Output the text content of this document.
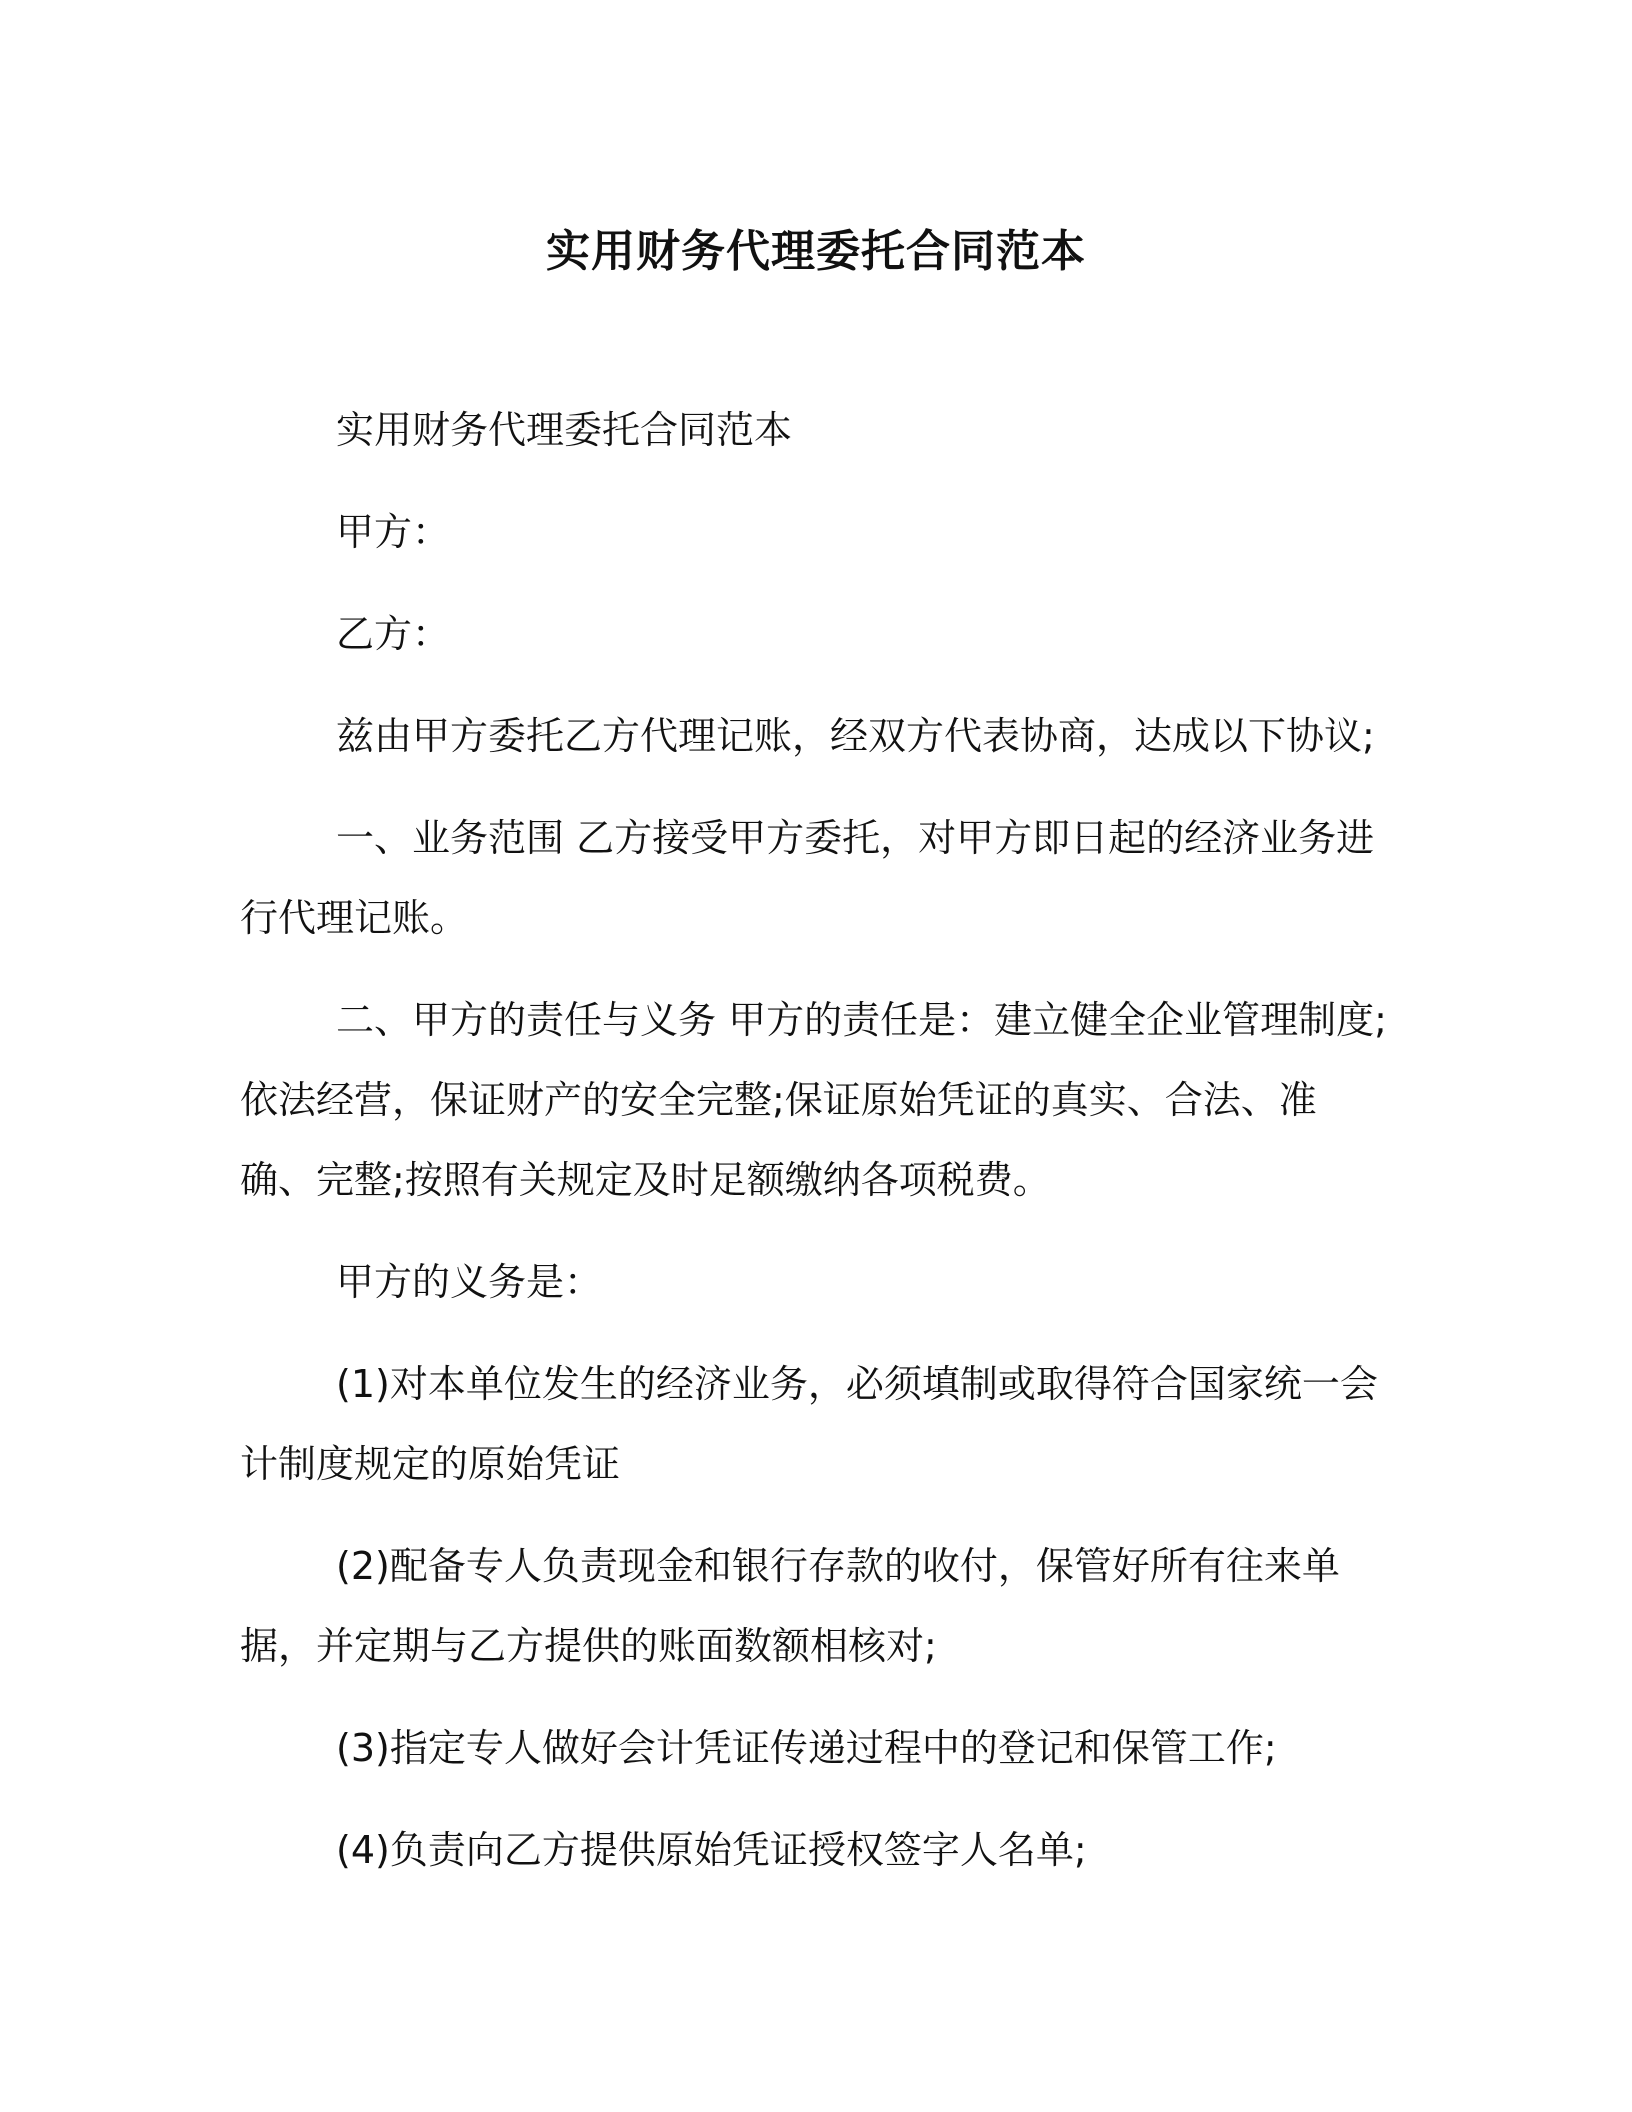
实用财务代理委托合同范本

实用财务代理委托合同范本

甲方：

乙方：

兹由甲方委托乙方代理记账，经双方代表协商，达成以下协议;

一、业务范围 乙方接受甲方委托，对甲方即日起的经济业务进行代理记账。

二、甲方的责任与义务 甲方的责任是：建立健全企业管理制度;依法经营，保证财产的安全完整;保证原始凭证的真实、合法、准确、完整;按照有关规定及时足额缴纳各项税费。

甲方的义务是：

(1)对本单位发生的经济业务，必须填制或取得符合国家统一会计制度规定的原始凭证

(2)配备专人负责现金和银行存款的收付，保管好所有往来单据，并定期与乙方提供的账面数额相核对;

(3)指定专人做好会计凭证传递过程中的登记和保管工作;

(4)负责向乙方提供原始凭证授权签字人名单;
